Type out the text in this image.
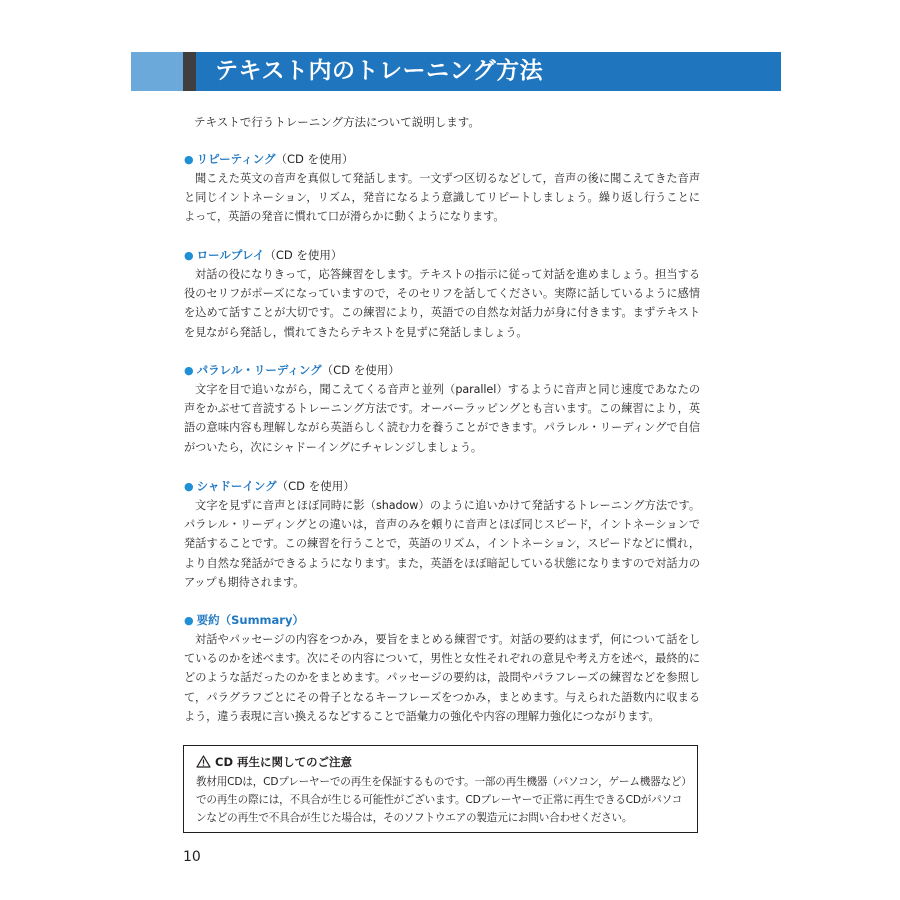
テキスト内のトレーニング方法
テキストで行うトレーニング方法について説明します。
● リピーティング（CD を使用）
聞こえた英文の音声を真似して発話します。一文ずつ区切るなどして，音声の後に聞こえてきた音声と同じイントネーション，リズム，発音になるよう意識してリピートしましょう。繰り返し行うことによって，英語の発音に慣れて口が滑らかに動くようになります。
● ロールプレイ（CD を使用）
対話の役になりきって，応答練習をします。テキストの指示に従って対話を進めましょう。担当する役のセリフがポーズになっていますので，そのセリフを話してください。実際に話しているように感情を込めて話すことが大切です。この練習により，英語での自然な対話力が身に付きます。まずテキストを見ながら発話し，慣れてきたらテキストを見ずに発話しましょう。
● パラレル・リーディング（CD を使用）
文字を目で追いながら，聞こえてくる音声と並列（parallel）するように音声と同じ速度であなたの声をかぶせて音読するトレーニング方法です。オーバーラッピングとも言います。この練習により，英語の意味内容も理解しながら英語らしく読む力を養うことができます。パラレル・リーディングで自信がついたら，次にシャドーイングにチャレンジしましょう。
● シャドーイング（CD を使用）
文字を見ずに音声とほぼ同時に影（shadow）のように追いかけて発話するトレーニング方法です。パラレル・リーディングとの違いは，音声のみを頼りに音声とほぼ同じスピード，イントネーションで発話することです。この練習を行うことで，英語のリズム，イントネーション，スピードなどに慣れ，より自然な発話ができるようになります。また，英語をほぼ暗記している状態になりますので対話力のアップも期待されます。
● 要約（Summary）
対話やパッセージの内容をつかみ，要旨をまとめる練習です。対話の要約はまず，何について話をしているのかを述べます。次にその内容について，男性と女性それぞれの意見や考え方を述べ，最終的にどのような話だったのかをまとめます。パッセージの要約は，設問やパラフレーズの練習などを参照して，パラグラフごとにその骨子となるキーフレーズをつかみ，まとめます。与えられた語数内に収まるよう，違う表現に言い換えるなどすることで語彙力の強化や内容の理解力強化につながります。
CD 再生に関してのご注意
教材用CDは，CDプレーヤーでの再生を保証するものです。一部の再生機器（パソコン，ゲーム機器など）での再生の際には，不具合が生じる可能性がございます。CDプレーヤーで正常に再生できるCDがパソコンなどの再生で不具合が生じた場合は，そのソフトウエアの製造元にお問い合わせください。
10
